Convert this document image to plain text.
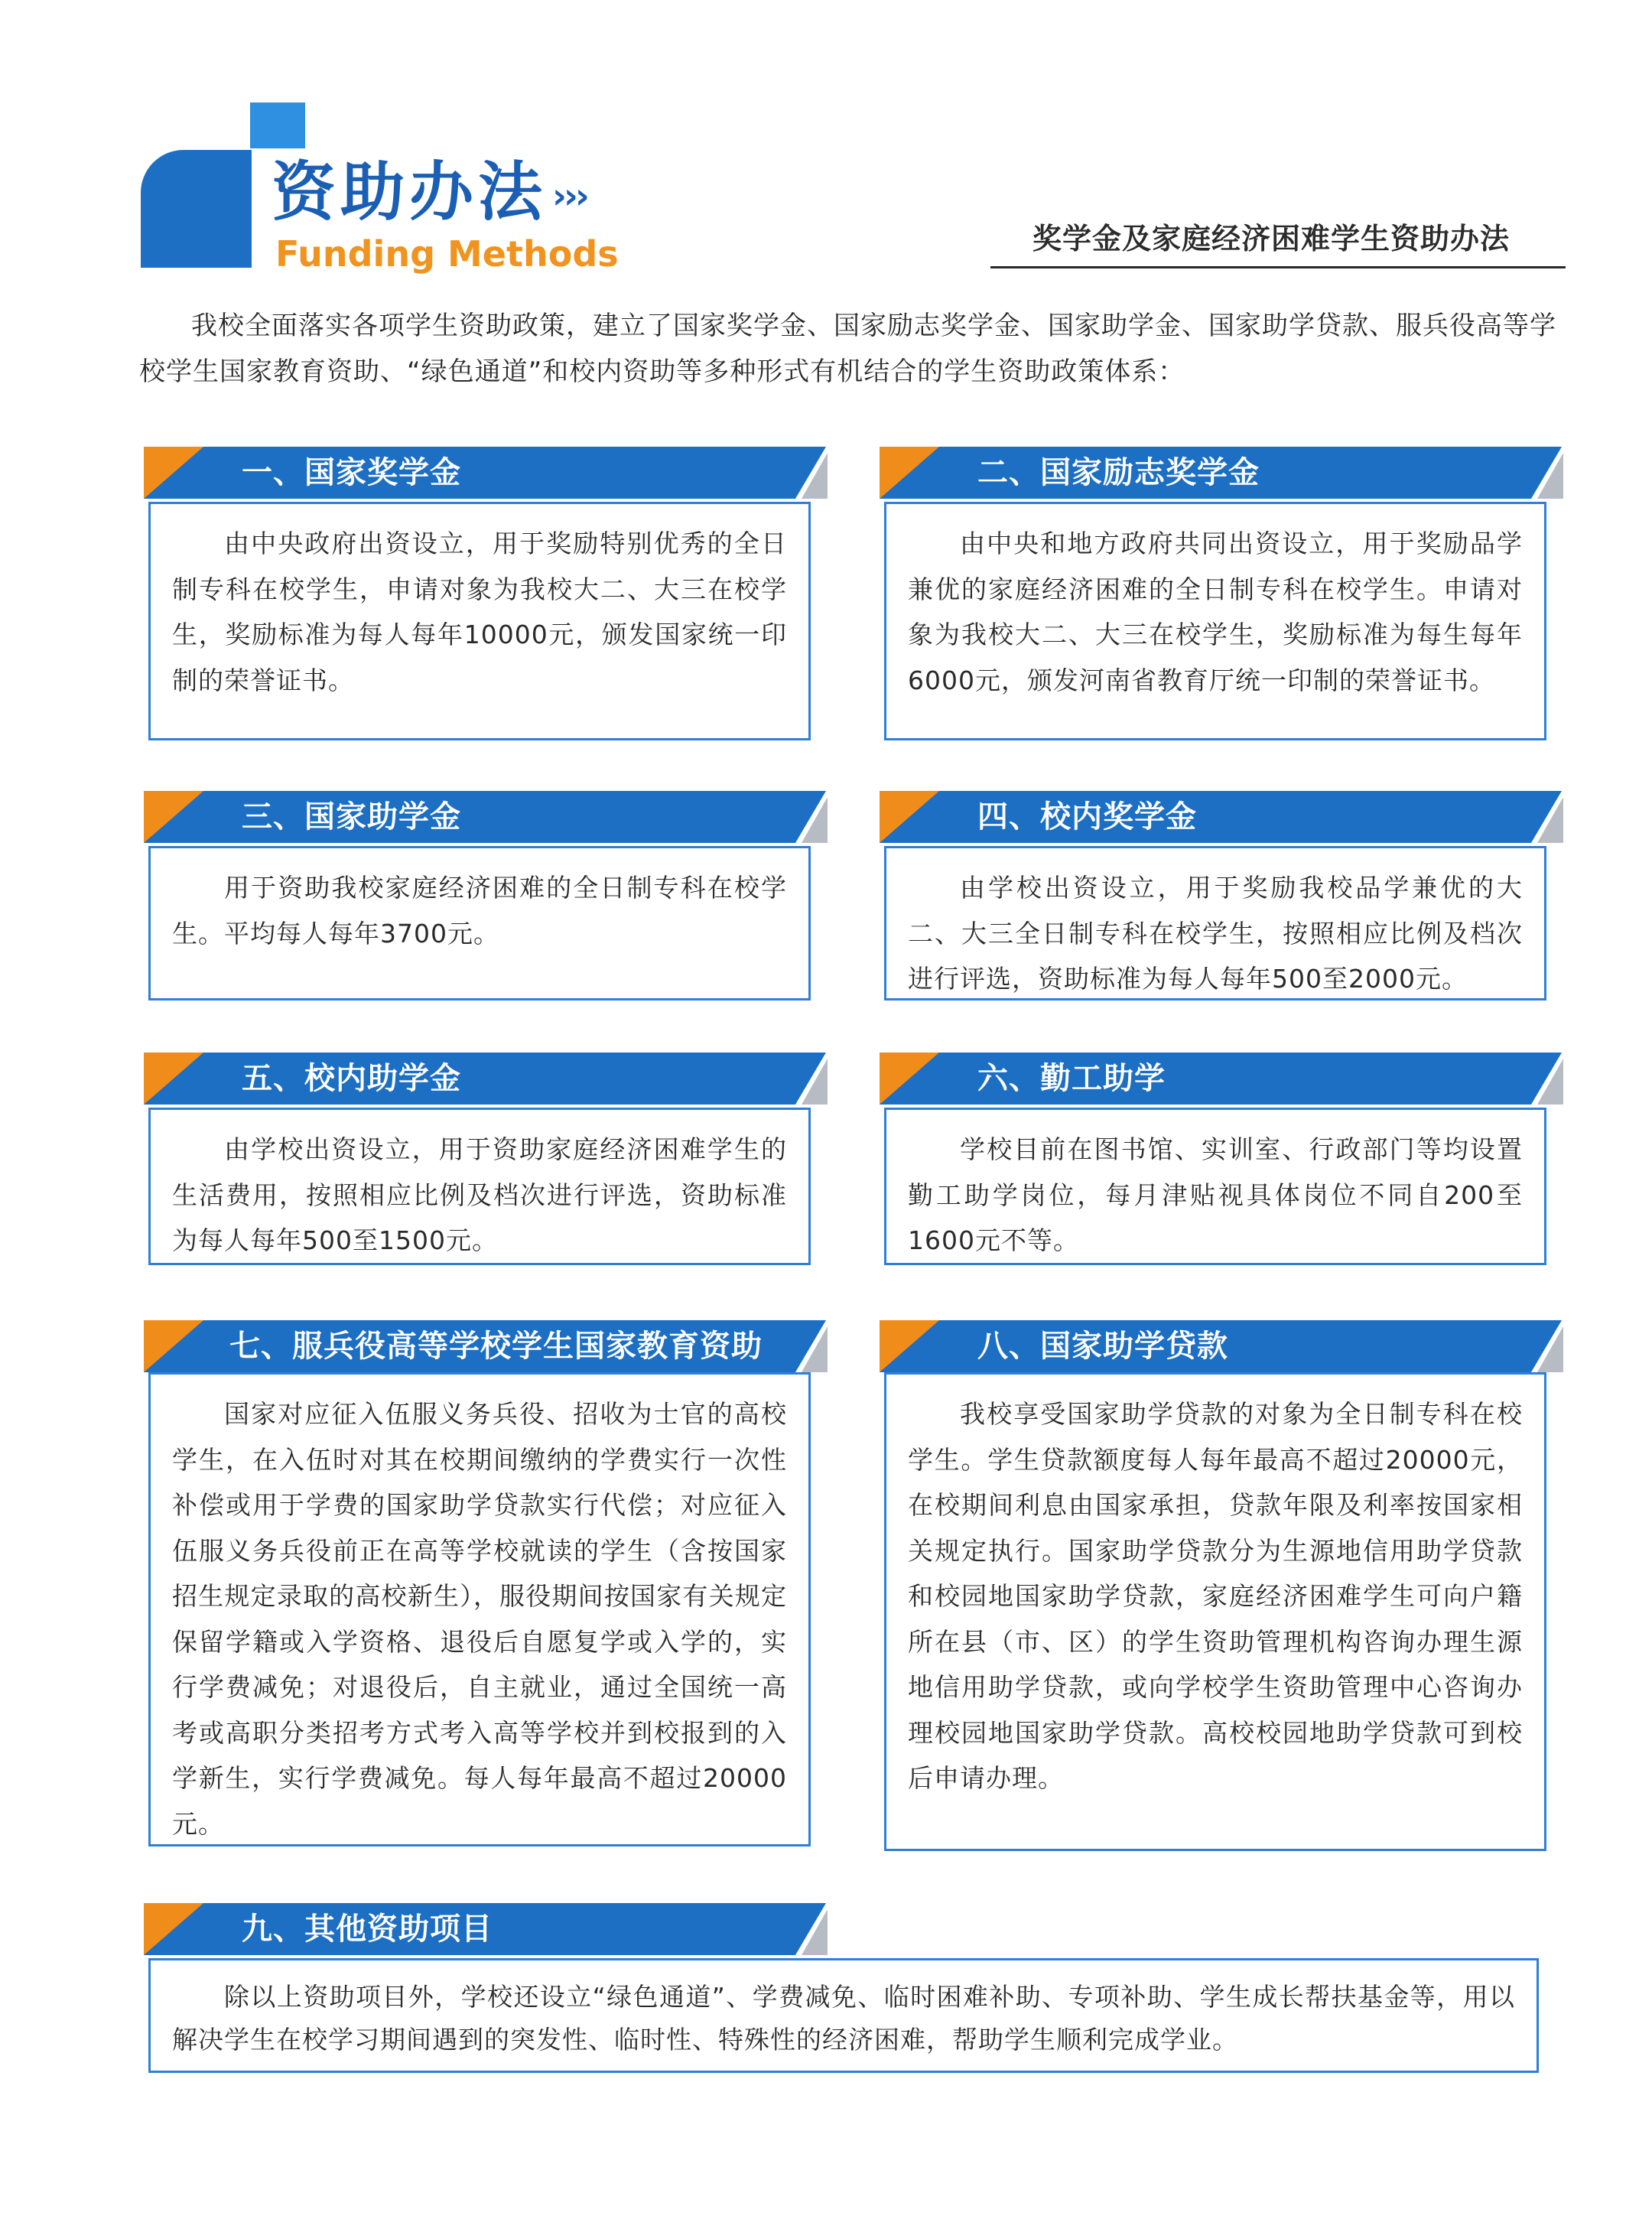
资助办法 ›››
Funding Methods	奖学金及家庭经济困难学生资助办法
我校全面落实各项学生资助政策，建立了国家奖学金、国家励志奖学金、国家助学金、国家助学贷款、服兵役高等学校学生国家教育资助、“绿色通道”和校内资助等多种形式有机结合的学生资助政策体系：
一、国家奖学金

由中央政府出资设立，用于奖励特别优秀的全日制专科在校学生，申请对象为我校大二、大三在校学生，奖励标准为每人每年10000元，颁发国家统一印制的荣誉证书。

二、国家励志奖学金

由中央和地方政府共同出资设立，用于奖励品学兼优的家庭经济困难的全日制专科在校学生。申请对象为我校大二、大三在校学生，奖励标准为每生每年6000元，颁发河南省教育厅统一印制的荣誉证书。

三、国家助学金

用于资助我校家庭经济困难的全日制专科在校学生。平均每人每年3700元。

四、校内奖学金

由学校出资设立，用于奖励我校品学兼优的大二、大三全日制专科在校学生，按照相应比例及档次进行评选，资助标准为每人每年500至2000元。

五、校内助学金

由学校出资设立，用于资助家庭经济困难学生的生活费用，按照相应比例及档次进行评选，资助标准为每人每年500至1500元。

六、勤工助学

学校目前在图书馆、实训室、行政部门等均设置勤工助学岗位，每月津贴视具体岗位不同自200至1600元不等。

七、服兵役高等学校学生国家教育资助

国家对应征入伍服义务兵役、招收为士官的高校学生，在入伍时对其在校期间缴纳的学费实行一次性补偿或用于学费的国家助学贷款实行代偿；对应征入伍服义务兵役前正在高等学校就读的学生（含按国家招生规定录取的高校新生），服役期间按国家有关规定保留学籍或入学资格、退役后自愿复学或入学的，实行学费减免；对退役后，自主就业，通过全国统一高考或高职分类招考方式考入高等学校并到校报到的入学新生，实行学费减免。每人每年最高不超过20000元。

八、国家助学贷款

我校享受国家助学贷款的对象为全日制专科在校学生。学生贷款额度每人每年最高不超过20000元，在校期间利息由国家承担，贷款年限及利率按国家相关规定执行。国家助学贷款分为生源地信用助学贷款和校园地国家助学贷款，家庭经济困难学生可向户籍所在县（市、区）的学生资助管理机构咨询办理生源地信用助学贷款，或向学校学生资助管理中心咨询办理校园地国家助学贷款。高校校园地助学贷款可到校后申请办理。

九、其他资助项目

除以上资助项目外，学校还设立“绿色通道”、学费减免、临时困难补助、专项补助、学生成长帮扶基金等，用以解决学生在校学习期间遇到的突发性、临时性、特殊性的经济困难，帮助学生顺利完成学业。
